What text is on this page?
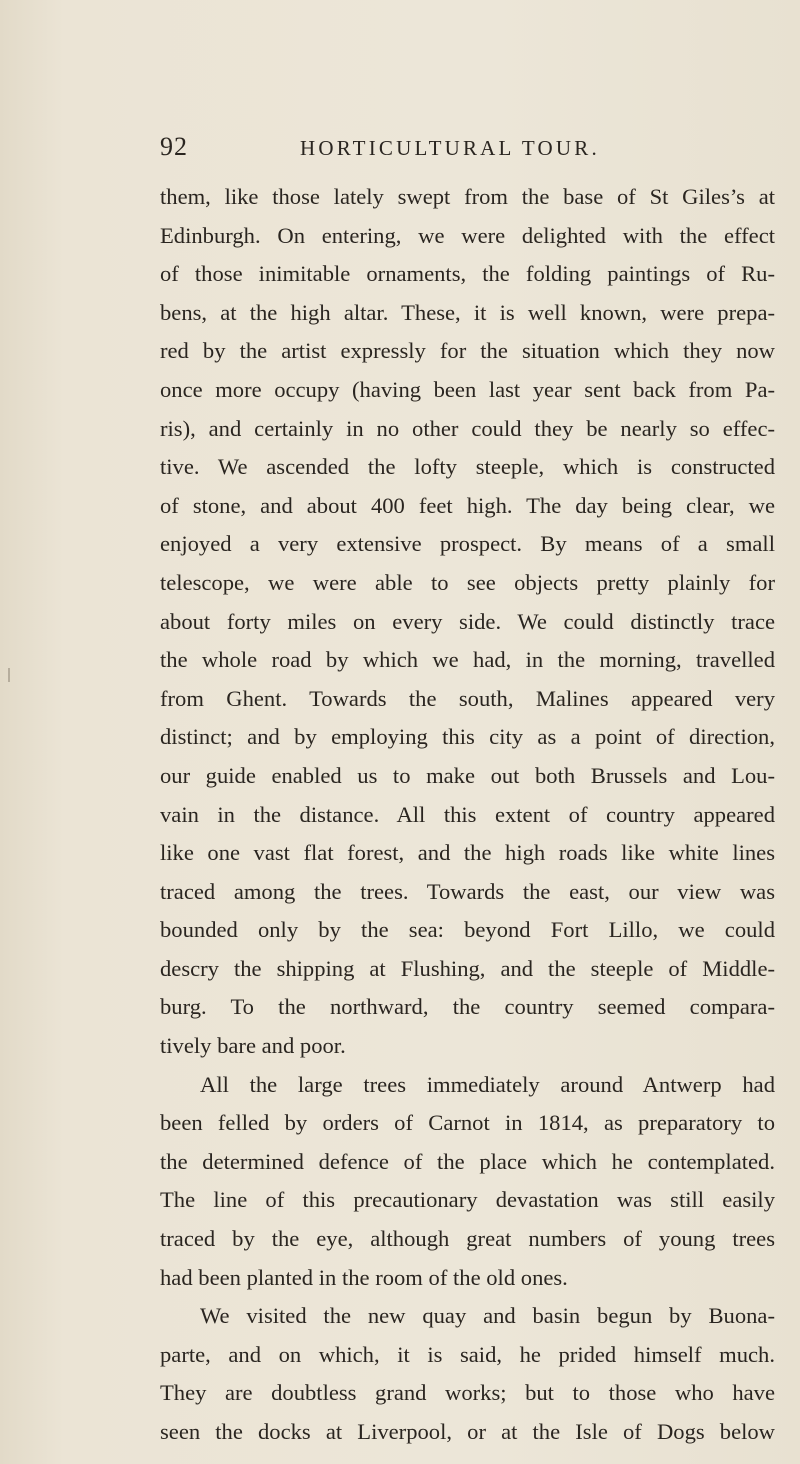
92	HORTICULTURAL TOUR.
them, like those lately swept from the base of St Giles’s at
Edinburgh. On entering, we were delighted with the effect
of those inimitable ornaments, the folding paintings of Ru-
bens, at the high altar. These, it is well known, were prepa-
red by the artist expressly for the situation which they now
once more occupy (having been last year sent back from Pa-
ris), and certainly in no other could they be nearly so effec-
tive. We ascended the lofty steeple, which is constructed
of stone, and about 400 feet high. The day being clear, we
enjoyed a very extensive prospect. By means of a small
telescope, we were able to see objects pretty plainly for
about forty miles on every side. We could distinctly trace
the whole road by which we had, in the morning, travelled
from Ghent. Towards the south, Malines appeared very
distinct; and by employing this city as a point of direction,
our guide enabled us to make out both Brussels and Lou-
vain in the distance. All this extent of country appeared
like one vast flat forest, and the high roads like white lines
traced among the trees. Towards the east, our view was
bounded only by the sea: beyond Fort Lillo, we could
descry the shipping at Flushing, and the steeple of Middle-
burg. To the northward, the country seemed compara-
tively bare and poor.
All the large trees immediately around Antwerp had
been felled by orders of Carnot in 1814, as preparatory to
the determined defence of the place which he contemplated.
The line of this precautionary devastation was still easily
traced by the eye, although great numbers of young trees
had been planted in the room of the old ones.
We visited the new quay and basin begun by Buona-
parte, and on which, it is said, he prided himself much.
They are doubtless grand works; but to those who have
seen the docks at Liverpool, or at the Isle of Dogs below
